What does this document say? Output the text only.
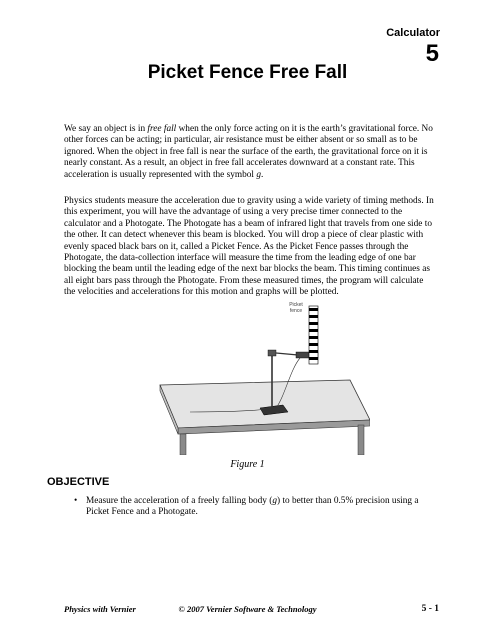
Calculator
5
Picket Fence Free Fall

We say an object is in free fall when the only force acting on it is the earth’s gravitational force. No other forces can be acting; in particular, air resistance must be either absent or so small as to be ignored. When the object in free fall is near the surface of the earth, the gravitational force on it is nearly constant. As a result, an object in free fall accelerates downward at a constant rate. This acceleration is usually represented with the symbol g.

Physics students measure the acceleration due to gravity using a wide variety of timing methods. In this experiment, you will have the advantage of using a very precise timer connected to the calculator and a Photogate. The Photogate has a beam of infrared light that travels from one side to the other. It can detect whenever this beam is blocked. You will drop a piece of clear plastic with evenly spaced black bars on it, called a Picket Fence. As the Picket Fence passes through the Photogate, the data-collection interface will measure the time from the leading edge of one bar blocking the beam until the leading edge of the next bar blocks the beam. This timing continues as all eight bars pass through the Photogate. From these measured times, the program will calculate the velocities and accelerations for this motion and graphs will be plotted.

Picket
fence
Figure 1
OBJECTIVE
• Measure the acceleration of a freely falling body (g) to better than 0.5% precision using a Picket Fence and a Photogate.
Physics with Vernier	© 2007 Vernier Software & Technology	5 - 1
